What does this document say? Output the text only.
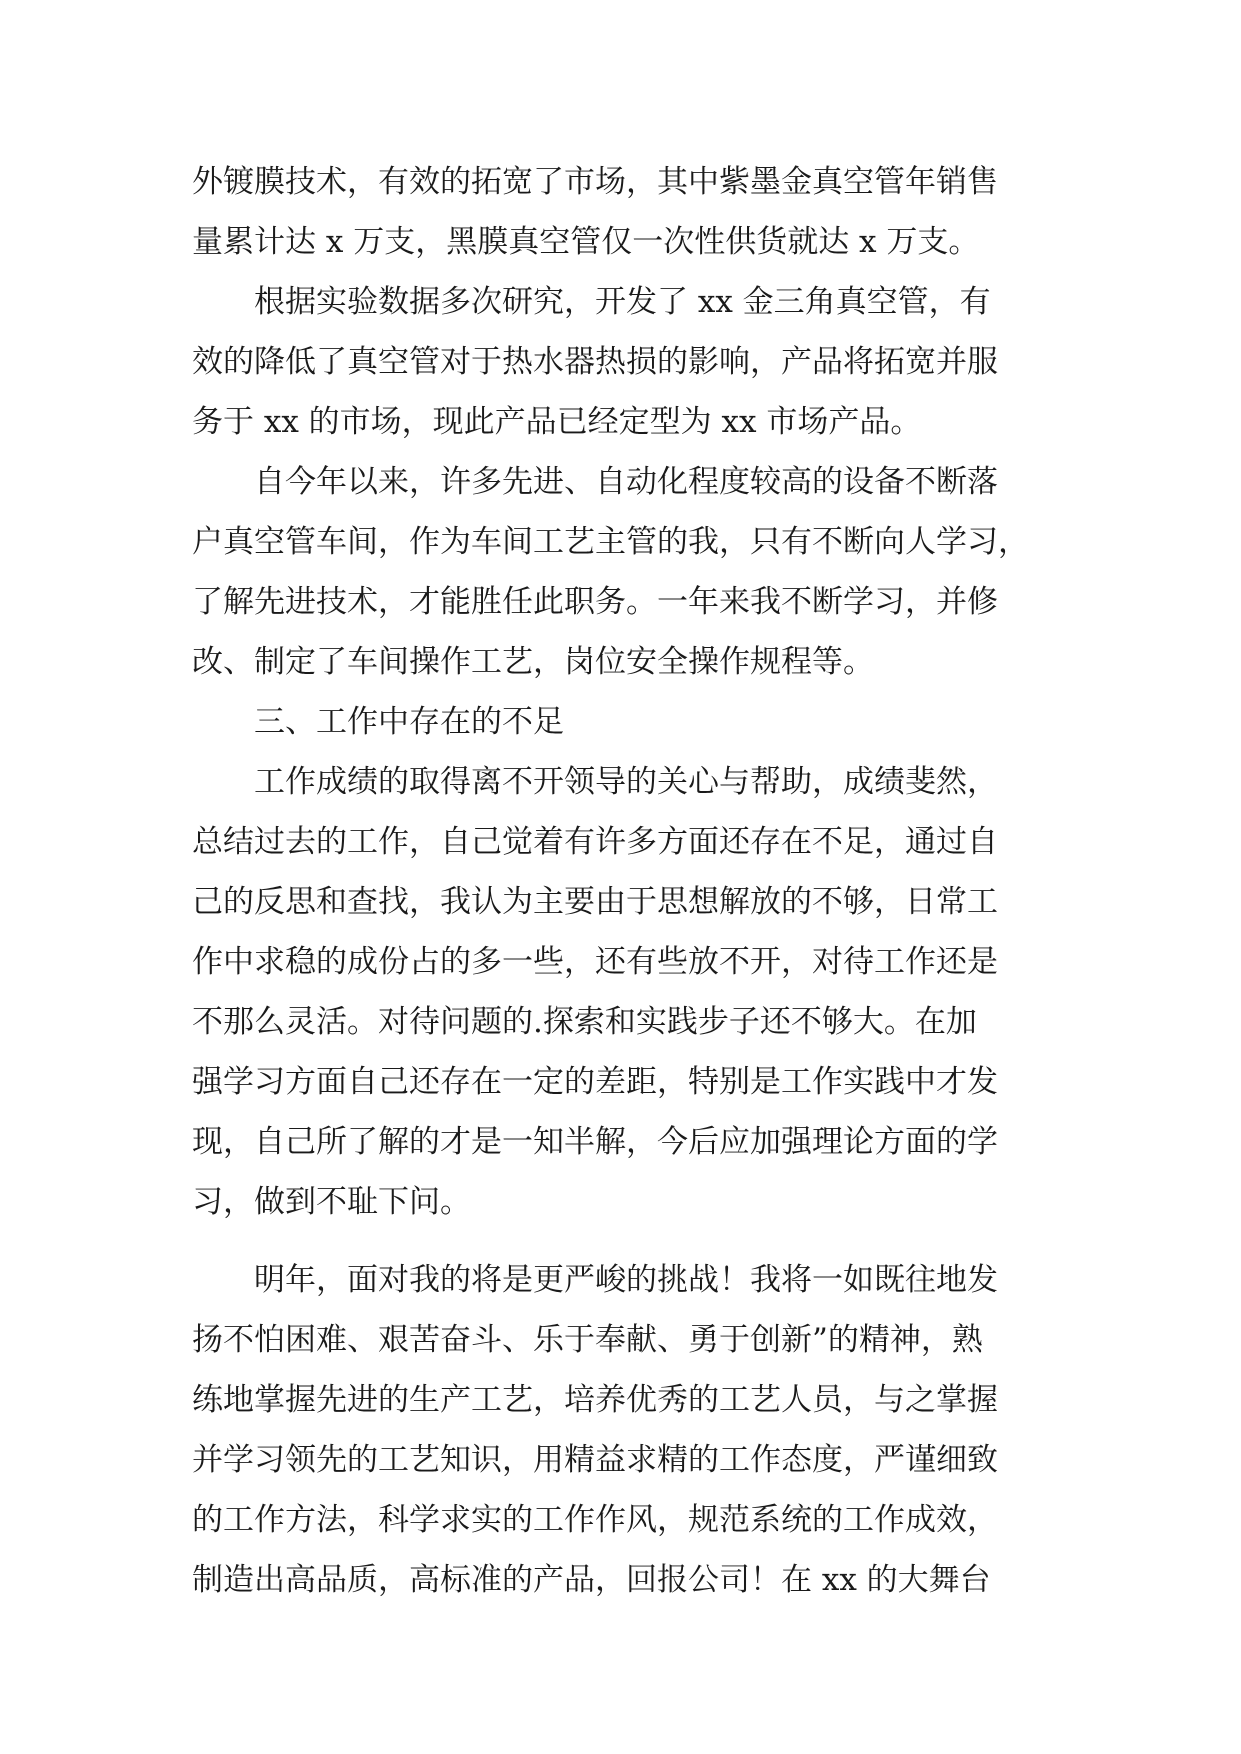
外镀膜技术，有效的拓宽了市场，其中紫墨金真空管年销售
量累计达 x 万支，黑膜真空管仅一次性供货就达 x 万支。
根据实验数据多次研究，开发了 xx 金三角真空管，有
效的降低了真空管对于热水器热损的影响，产品将拓宽并服
务于 xx 的市场，现此产品已经定型为 xx 市场产品。
自今年以来，许多先进、自动化程度较高的设备不断落
户真空管车间，作为车间工艺主管的我，只有不断向人学习，
了解先进技术，才能胜任此职务。一年来我不断学习，并修
改、制定了车间操作工艺，岗位安全操作规程等。
三、工作中存在的不足
工作成绩的取得离不开领导的关心与帮助，成绩斐然，
总结过去的工作，自己觉着有许多方面还存在不足，通过自
己的反思和查找，我认为主要由于思想解放的不够，日常工
作中求稳的成份占的多一些，还有些放不开，对待工作还是
不那么灵活。对待问题的.探索和实践步子还不够大。在加
强学习方面自己还存在一定的差距，特别是工作实践中才发
现，自己所了解的才是一知半解，今后应加强理论方面的学
习，做到不耻下问。
明年，面对我的将是更严峻的挑战！我将一如既往地发
扬不怕困难、艰苦奋斗、乐于奉献、勇于创新”的精神，熟
练地掌握先进的生产工艺，培养优秀的工艺人员，与之掌握
并学习领先的工艺知识，用精益求精的工作态度，严谨细致
的工作方法，科学求实的工作作风，规范系统的工作成效，
制造出高品质，高标准的产品，回报公司！在 xx 的大舞台
